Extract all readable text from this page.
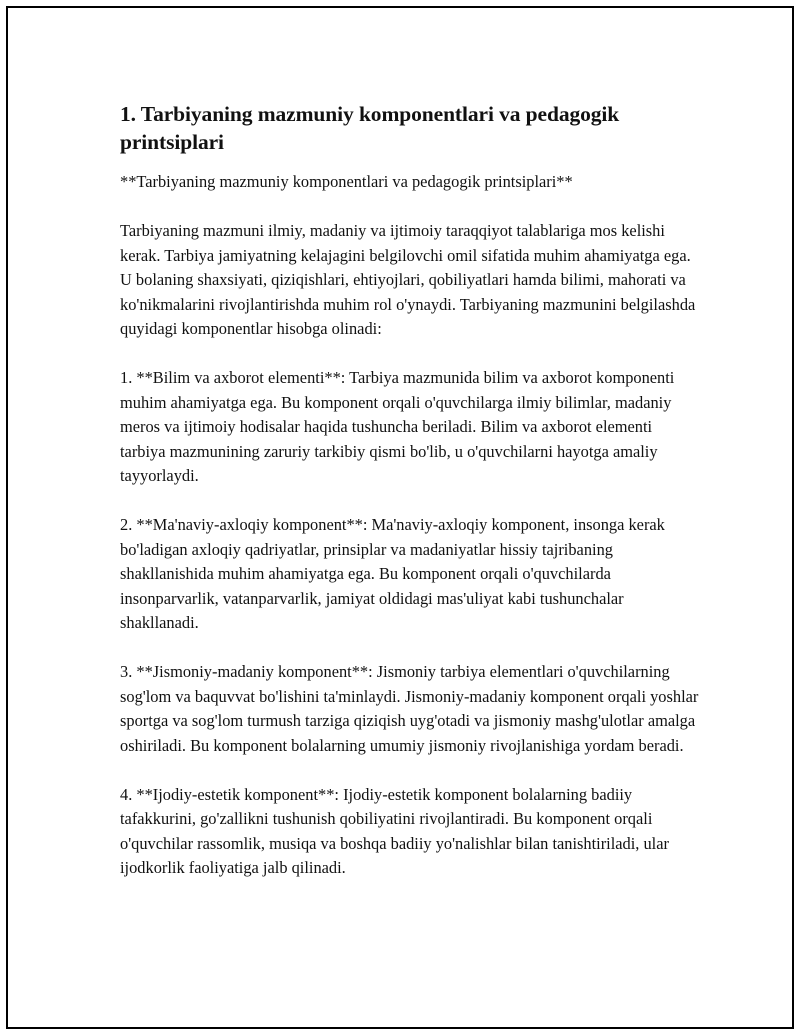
1. Tarbiyaning mazmuniy komponentlari va pedagogik printsiplari

**Tarbiyaning mazmuniy komponentlari va pedagogik printsiplari**

Tarbiyaning mazmuni ilmiy, madaniy va ijtimoiy taraqqiyot talablariga mos kelishi kerak. Tarbiya jamiyatning kelajagini belgilovchi omil sifatida muhim ahamiyatga ega. U bolaning shaxsiyati, qiziqishlari, ehtiyojlari, qobiliyatlari hamda bilimi, mahorati va ko'nikmalarini rivojlantirishda muhim rol o'ynaydi. Tarbiyaning mazmunini belgilashda quyidagi komponentlar hisobga olinadi:

1. **Bilim va axborot elementi**: Tarbiya mazmunida bilim va axborot komponenti muhim ahamiyatga ega. Bu komponent orqali o'quvchilarga ilmiy bilimlar, madaniy meros va ijtimoiy hodisalar haqida tushuncha beriladi. Bilim va axborot elementi tarbiya mazmunining zaruriy tarkibiy qismi bo'lib, u o'quvchilarni hayotga amaliy tayyorlaydi.

2. **Ma'naviy-axloqiy komponent**: Ma'naviy-axloqiy komponent, insonga kerak bo'ladigan axloqiy qadriyatlar, prinsiplar va madaniyatlar hissiy tajribaning shakllanishida muhim ahamiyatga ega. Bu komponent orqali o'quvchilarda insonparvarlik, vatanparvarlik, jamiyat oldidagi mas'uliyat kabi tushunchalar shakllanadi.

3. **Jismoniy-madaniy komponent**: Jismoniy tarbiya elementlari o'quvchilarning sog'lom va baquvvat bo'lishini ta'minlaydi. Jismoniy-madaniy komponent orqali yoshlar sportga va sog'lom turmush tarziga qiziqish uyg'otadi va jismoniy mashg'ulotlar amalga oshiriladi. Bu komponent bolalarning umumiy jismoniy rivojlanishiga yordam beradi.

4. **Ijodiy-estetik komponent**: Ijodiy-estetik komponent bolalarning badiiy tafakkurini, go'zallikni tushunish qobiliyatini rivojlantiradi. Bu komponent orqali o'quvchilar rassomlik, musiqa va boshqa badiiy yo'nalishlar bilan tanishtiriladi, ular ijodkorlik faoliyatiga jalb qilinadi.
